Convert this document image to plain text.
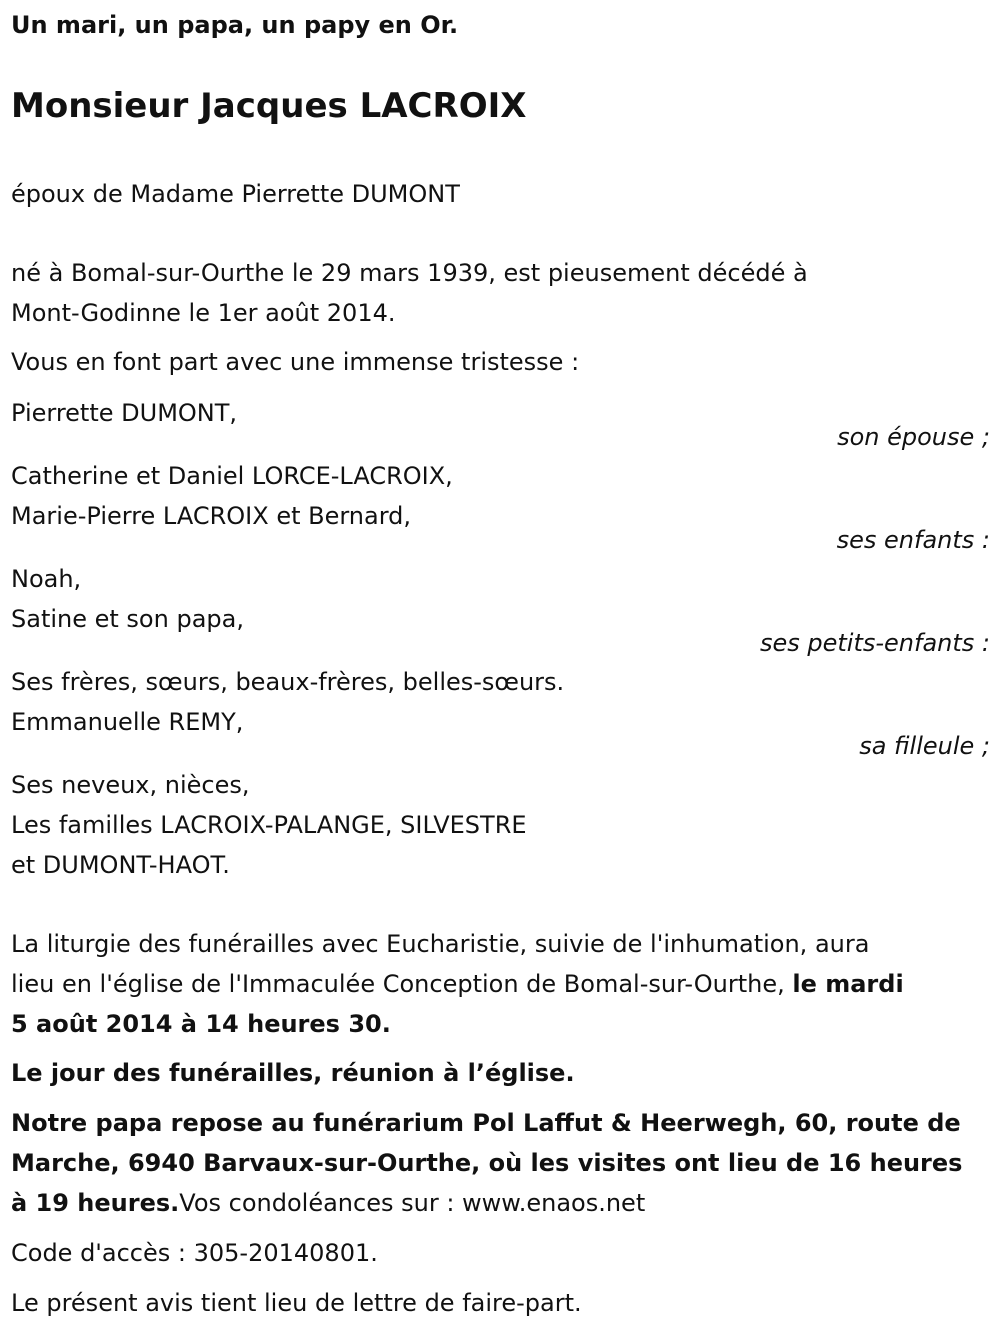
Un mari, un papa, un papy en Or.
Monsieur Jacques LACROIX
époux de Madame Pierrette DUMONT
né à Bomal-sur-Ourthe le 29 mars 1939, est pieusement décédé à
Mont-Godinne le 1er août 2014.
Vous en font part avec une immense tristesse :
Pierrette DUMONT,
son épouse ;
Catherine et Daniel LORCE-LACROIX,
Marie-Pierre LACROIX et Bernard,
ses enfants :
Noah,
Satine et son papa,
ses petits-enfants :
Ses frères, sœurs, beaux-frères, belles-sœurs.
Emmanuelle REMY,
sa filleule ;
Ses neveux, nièces,
Les familles LACROIX-PALANGE, SILVESTRE
et DUMONT-HAOT.
La liturgie des funérailles avec Eucharistie, suivie de l'inhumation, aura
lieu en l'église de l'Immaculée Conception de Bomal-sur-Ourthe, le mardi
5 août 2014 à 14 heures 30.
Le jour des funérailles, réunion à l’église.
Notre papa repose au funérarium Pol Laffut & Heerwegh, 60, route de
Marche, 6940 Barvaux-sur-Ourthe, où les visites ont lieu de 16 heures
à 19 heures.Vos condoléances sur : www.enaos.net
Code d'accès : 305-20140801.
Le présent avis tient lieu de lettre de faire-part.
